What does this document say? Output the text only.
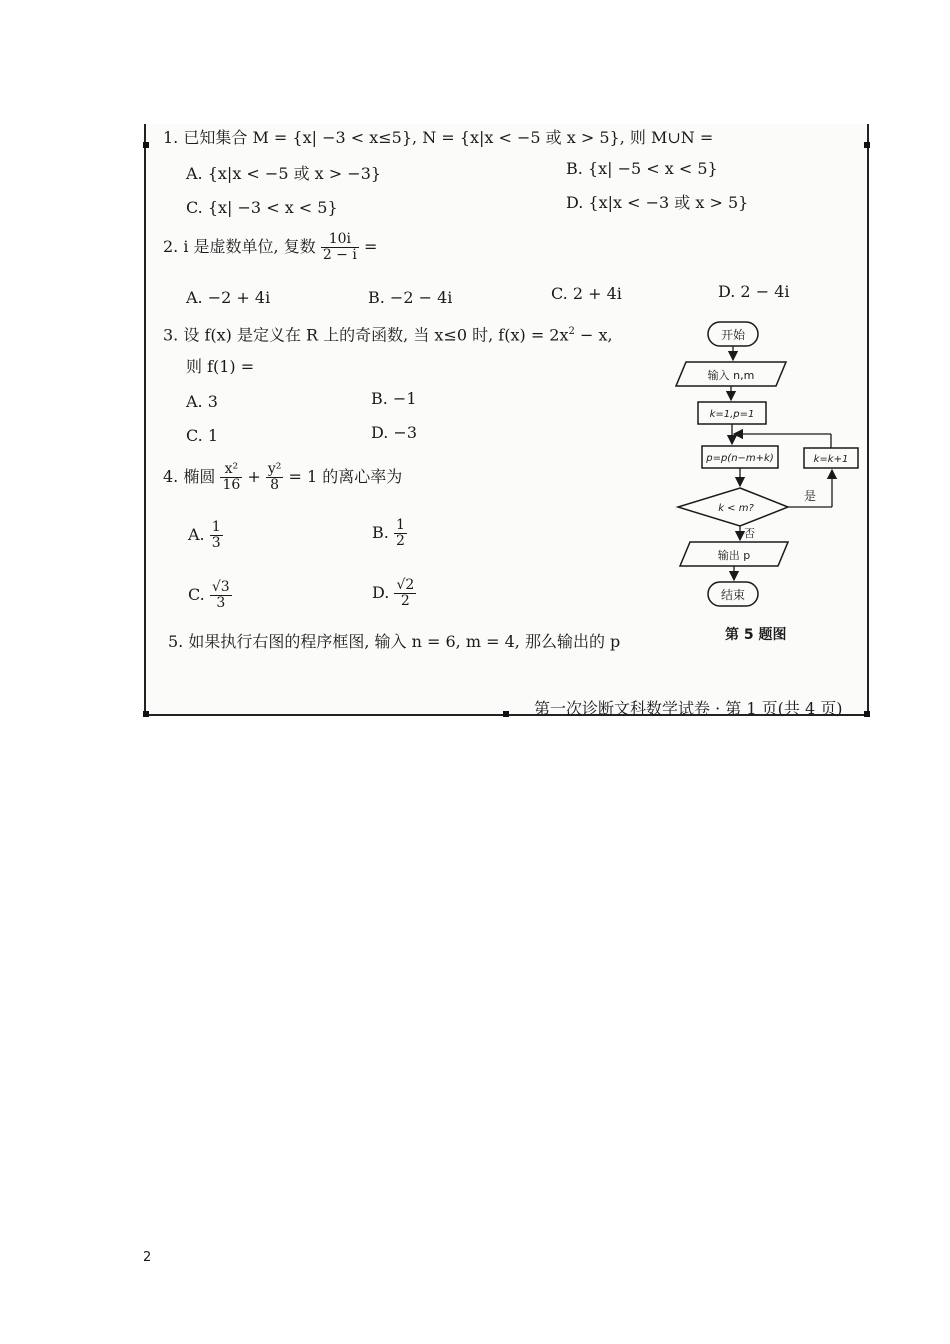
1. 已知集合 M = {x| −3 < x≤5}, N = {x|x < −5 或 x > 5}, 则 M∪N =
A. {x|x < −5 或 x > −3}	B. {x| −5 < x < 5}
C. {x| −3 < x < 5}	D. {x|x < −3 或 x > 5}
2. i 是虚数单位, 复数 $\frac{10i}{2 - i}$ =
A. −2 + 4i	B. −2 − 4i	C. 2 + 4i	D. 2 − 4i
3. 设 f(x) 是定义在 R 上的奇函数, 当 x≤0 时, $f(x) = 2x^2 - x$,
则 f(1) =
A. 3	B. −1
C. 1	D. −3
4. 椭圆 $\frac{\text{x²}}{16} + \frac{\text{y²}}{8} = 1$ 的离心率为
A. $\frac{1}{3}$	B. $\frac{1}{2}$
C. $\frac{√3}{3}$	D. $\frac{√2}{2}$
5. 如果执行右图的程序框图, 输入 n = 6, m = 4, 那么输出的 p
第一次诊断文科数学试卷 · 第 1 页(共 4 页)
开始
输入 n,m
k=1,p=1
p=p(n−m+k)
k < m?
是
k=k+1
否
输出 p
结束
第 5 题图
2
